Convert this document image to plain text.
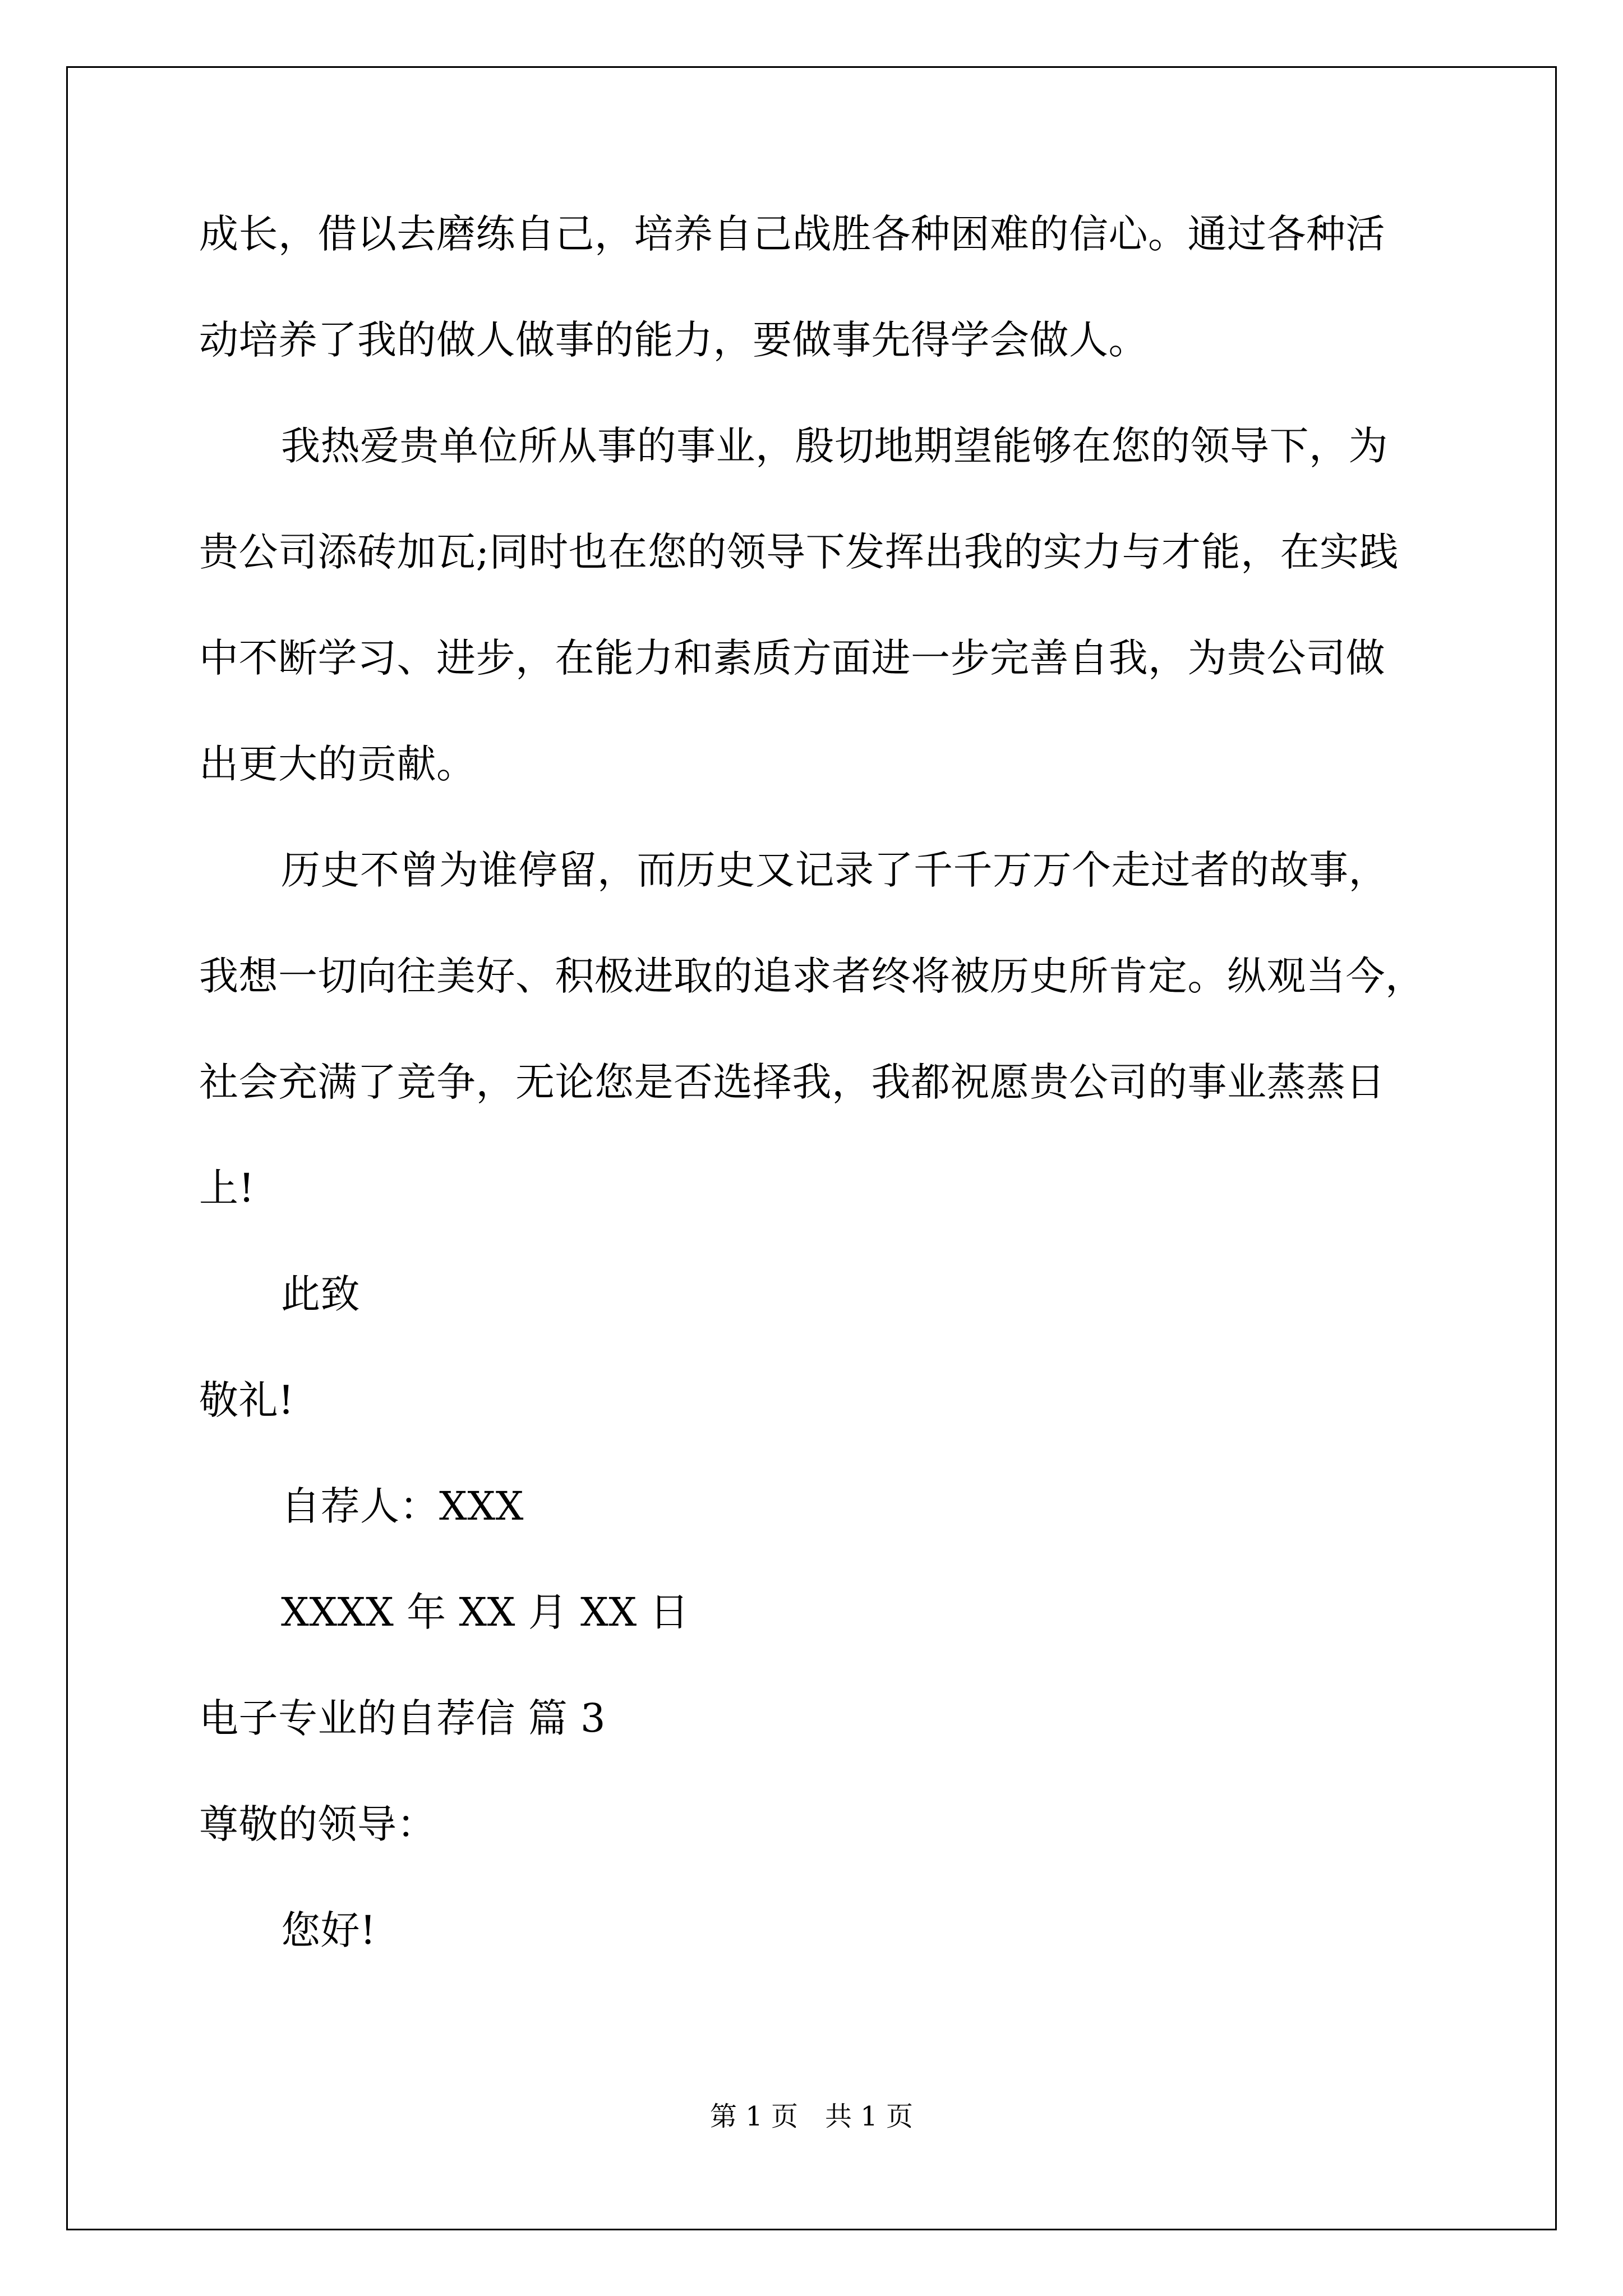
成长，借以去磨练自己，培养自己战胜各种困难的信心。通过各种活
动培养了我的做人做事的能力，要做事先得学会做人。
我热爱贵单位所从事的事业，殷切地期望能够在您的领导下，为
贵公司添砖加瓦;同时也在您的领导下发挥出我的实力与才能，在实践
中不断学习、进步，在能力和素质方面进一步完善自我，为贵公司做
出更大的贡献。
历史不曾为谁停留，而历史又记录了千千万万个走过者的故事，
我想一切向往美好、积极进取的追求者终将被历史所肯定。纵观当今，
社会充满了竞争，无论您是否选择我，我都祝愿贵公司的事业蒸蒸日
上!
此致
敬礼!
自荐人：XXX
XXXX 年 XX 月 XX 日
电子专业的自荐信 篇 3
尊敬的领导：
您好!
第 1 页　共 1 页
